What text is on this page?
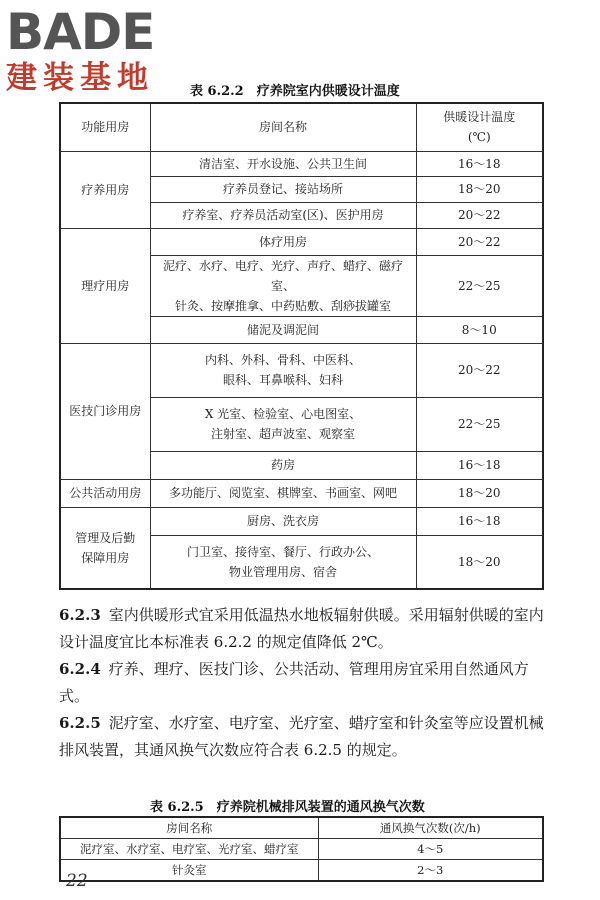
BADE
建装基地	表 6.2.2　疗养院室内供暖设计温度
功能用房	房间名称	供暖设计温度
(℃)

疗养用房	清洁室、开水设施、公共卫生间	16～18
	疗养员登记、接站场所	18～20
	疗养室、疗养员活动室(区)、医护用房	20～22
理疗用房	体疗用房	20～22

	泥疗、水疗、电疗、光疗、声疗、蜡疗、磁疗室、
针灸、按摩推拿、中药贴敷、刮痧拔罐室	22～25
	储泥及调泥间	8～10
医技门诊用房	内科、外科、骨科、中医科、
眼科、耳鼻喉科、妇科	20～22

	X 光室、检验室、心电图室、
注射室、超声波室、观察室	22～25
	药房	16～18
公共活动用房	多功能厅、阅览室、棋牌室、书画室、网吧	18～20

管理及后勤
保障用房	厨房、洗衣房	16～18

	门卫室、接待室、餐厅、行政办公、
物业管理用房、宿舍	18～20

6.2.3 室内供暖形式宜采用低温热水地板辐射供暖。采用辐射供暖的室内设计温度宜比本标准表 6.2.2 的规定值降低 2℃。

6.2.4 疗养、理疗、医技门诊、公共活动、管理用房宜采用自然通风方式。

6.2.5 泥疗室、水疗室、电疗室、光疗室、蜡疗室和针灸室等应设置机械排风装置，其通风换气次数应符合表 6.2.5 的规定。

表 6.2.5　疗养院机械排风装置的通风换气次数
房间名称	通风换气次数(次/h)
泥疗室、水疗室、电疗室、光疗室、蜡疗室	4～5
针灸室	2～3
22
